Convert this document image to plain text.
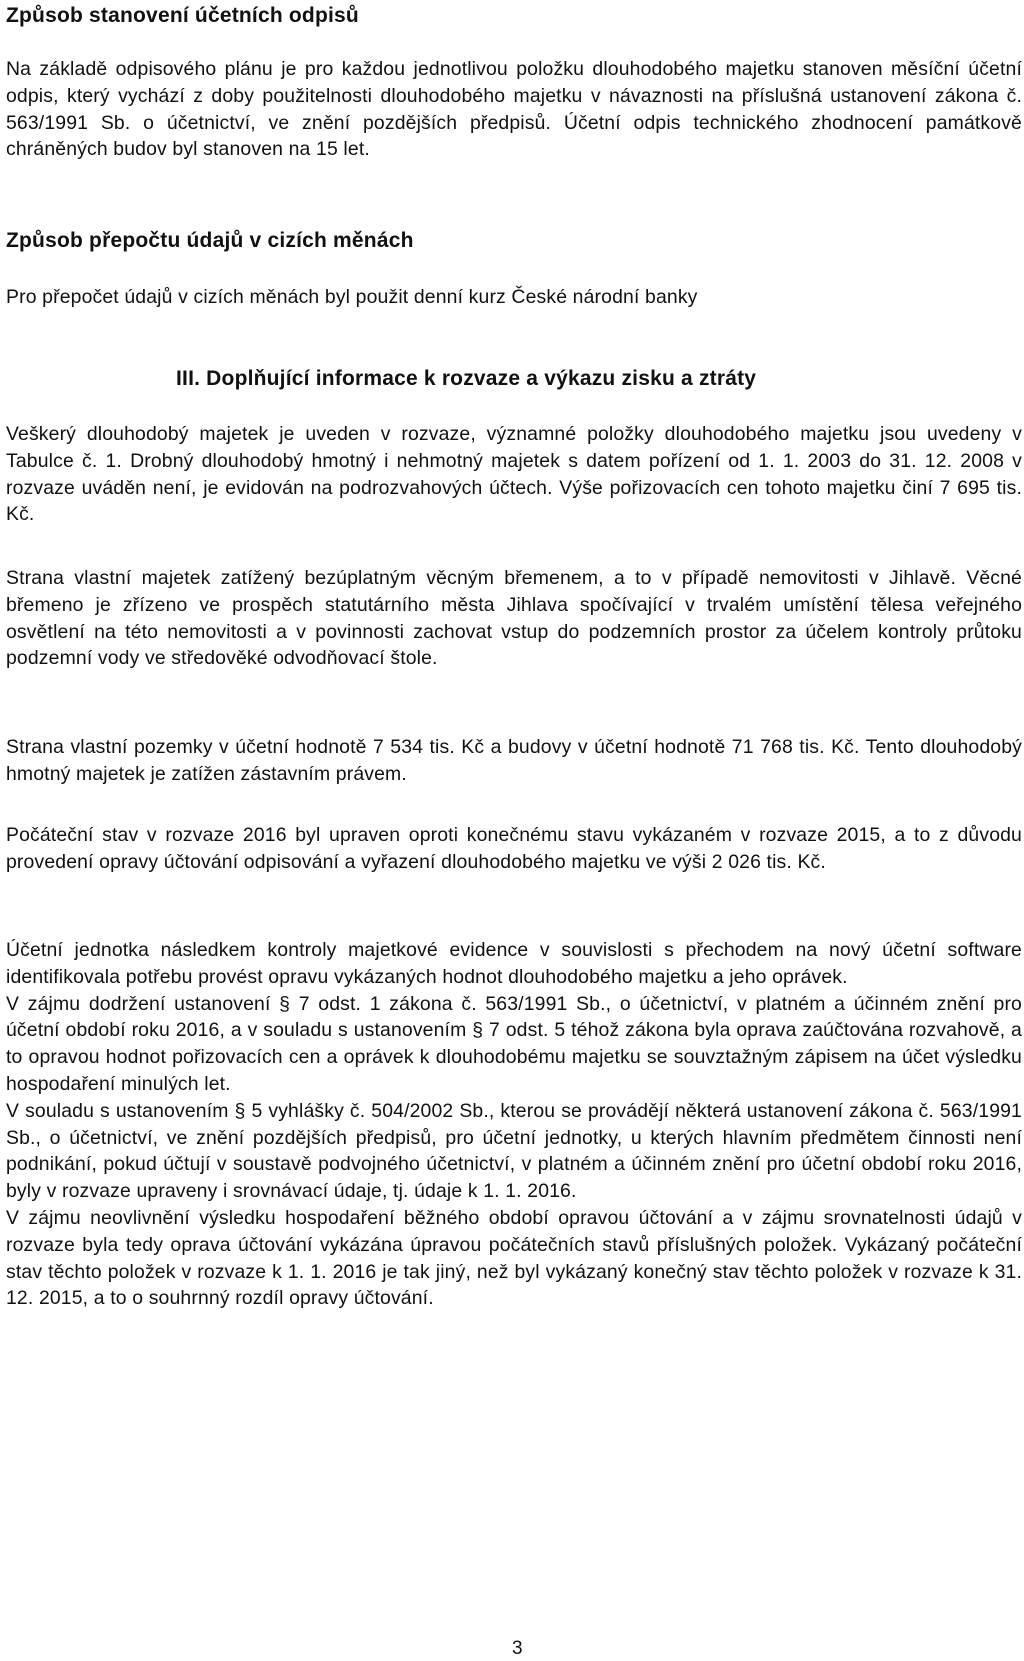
Způsob stanovení účetních odpisů

Na základě odpisového plánu je pro každou jednotlivou položku dlouhodobého majetku stanoven měsíční účetní odpis, který vychází z doby použitelnosti dlouhodobého majetku v návaznosti na příslušná ustanovení zákona č. 563/1991 Sb. o účetnictví, ve znění pozdějších předpisů. Účetní odpis technického zhodnocení památkově chráněných budov byl stanoven na 15 let.

Způsob přepočtu údajů v cizích měnách

Pro přepočet údajů v cizích měnách byl použit denní kurz České národní banky

III. Doplňující informace k rozvaze a výkazu zisku a ztráty

Veškerý dlouhodobý majetek je uveden v rozvaze, významné položky dlouhodobého majetku jsou uvedeny v Tabulce č. 1. Drobný dlouhodobý hmotný i nehmotný majetek s datem pořízení od 1. 1. 2003 do 31. 12. 2008 v rozvaze uváděn není, je evidován na podrozvahových účtech. Výše pořizovacích cen tohoto majetku činí 7 695 tis. Kč.

Strana vlastní majetek zatížený bezúplatným věcným břemenem, a to v případě nemovitosti v Jihlavě. Věcné břemeno je zřízeno ve prospěch statutárního města Jihlava spočívající v trvalém umístění tělesa veřejného osvětlení na této nemovitosti a v povinnosti zachovat vstup do podzemních prostor za účelem kontroly průtoku podzemní vody ve středověké odvodňovací štole.

Strana vlastní pozemky v účetní hodnotě 7 534 tis. Kč a budovy v účetní hodnotě 71 768 tis. Kč. Tento dlouhodobý hmotný majetek je zatížen zástavním právem.

Počáteční stav v rozvaze 2016 byl upraven oproti konečnému stavu vykázaném v rozvaze 2015, a to z důvodu provedení opravy účtování odpisování a vyřazení dlouhodobého majetku ve výši 2 026 tis. Kč.

Účetní jednotka následkem kontroly majetkové evidence v souvislosti s přechodem na nový účetní software identifikovala potřebu provést opravu vykázaných hodnot dlouhodobého majetku a jeho oprávek.

V zájmu dodržení ustanovení § 7 odst. 1 zákona č. 563/1991 Sb., o účetnictví, v platném a účinném znění pro účetní období roku 2016, a v souladu s ustanovením § 7 odst. 5 téhož zákona byla oprava zaúčtována rozvahově, a to opravou hodnot pořizovacích cen a oprávek k dlouhodobému majetku se souvztažným zápisem na účet výsledku hospodaření minulých let.

V souladu s ustanovením § 5 vyhlášky č. 504/2002 Sb., kterou se provádějí některá ustanovení zákona č. 563/1991 Sb., o účetnictví, ve znění pozdějších předpisů, pro účetní jednotky, u kterých hlavním předmětem činnosti není podnikání, pokud účtují v soustavě podvojného účetnictví, v platném a účinném znění pro účetní období roku 2016, byly v rozvaze upraveny i srovnávací údaje, tj. údaje k 1. 1. 2016.

V zájmu neovlivnění výsledku hospodaření běžného období opravou účtování a v zájmu srovnatelnosti údajů v rozvaze byla tedy oprava účtování vykázána úpravou počátečních stavů příslušných položek. Vykázaný počáteční stav těchto položek v rozvaze k 1. 1. 2016 je tak jiný, než byl vykázaný konečný stav těchto položek v rozvaze k 31. 12. 2015, a to o souhrnný rozdíl opravy účtování.

3
